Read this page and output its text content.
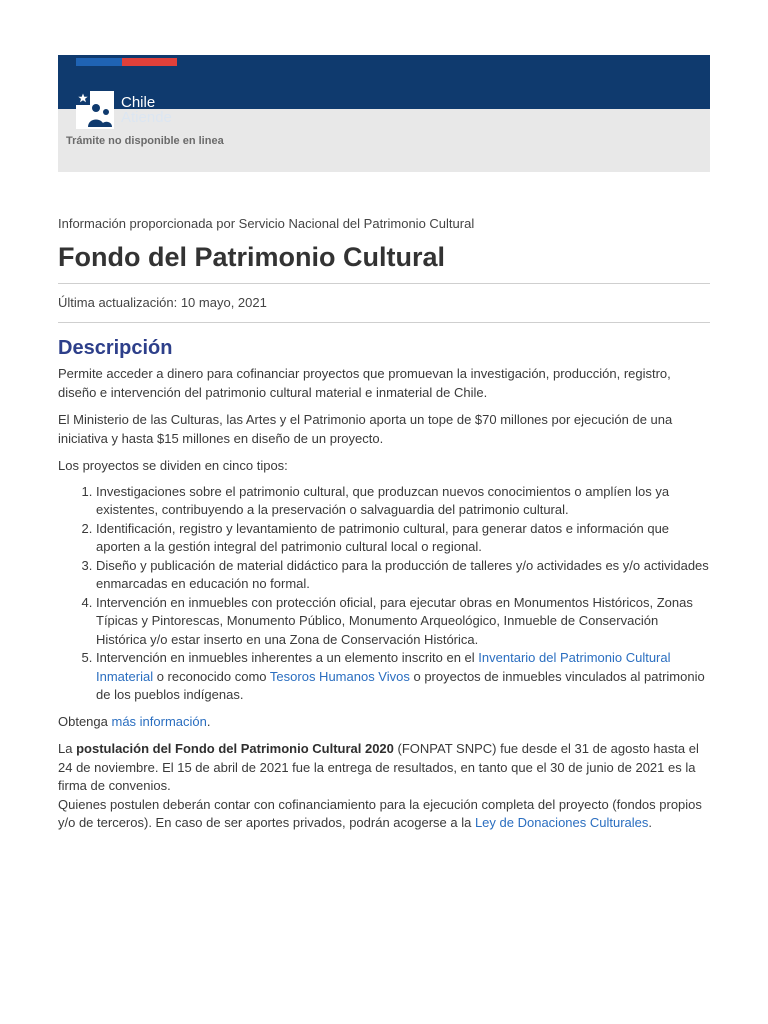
Chile
Atiende
Trámite no disponible en linea

Información proporcionada por Servicio Nacional del Patrimonio Cultural

Fondo del Patrimonio Cultural
Última actualización: 10 mayo, 2021
Descripción

Permite acceder a dinero para cofinanciar proyectos que promuevan la investigación, producción, registro, diseño e intervención del patrimonio cultural material e inmaterial de Chile.

El Ministerio de las Culturas, las Artes y el Patrimonio aporta un tope de $70 millones por ejecución de una iniciativa y hasta $15 millones en diseño de un proyecto.

Los proyectos se dividen en cinco tipos:

1. Investigaciones sobre el patrimonio cultural, que produzcan nuevos conocimientos o amplíen los ya existentes, contribuyendo a la preservación o salvaguardia del patrimonio cultural.
2. Identificación, registro y levantamiento de patrimonio cultural, para generar datos e información que aporten a la gestión integral del patrimonio cultural local o regional.
3. Diseño y publicación de material didáctico para la producción de talleres y/o actividades es y/o actividades enmarcadas en educación no formal.
4. Intervención en inmuebles con protección oficial, para ejecutar obras en Monumentos Históricos, Zonas Típicas y Pintorescas, Monumento Público, Monumento Arqueológico, Inmueble de Conservación Histórica y/o estar inserto en una Zona de Conservación Histórica.
5. Intervención en inmuebles inherentes a un elemento inscrito en el Inventario del Patrimonio Cultural Inmaterial o reconocido como Tesoros Humanos Vivos o proyectos de inmuebles vinculados al patrimonio de los pueblos indígenas.

Obtenga más información.

La postulación del Fondo del Patrimonio Cultural 2020 (FONPAT SNPC) fue desde el 31 de agosto hasta el 24 de noviembre. El 15 de abril de 2021 fue la entrega de resultados, en tanto que el 30 de junio de 2021 es la firma de convenios.

Quienes postulen deberán contar con cofinanciamiento para la ejecución completa del proyecto (fondos propios y/o de terceros). En caso de ser aportes privados, podrán acogerse a la Ley de Donaciones Culturales.
